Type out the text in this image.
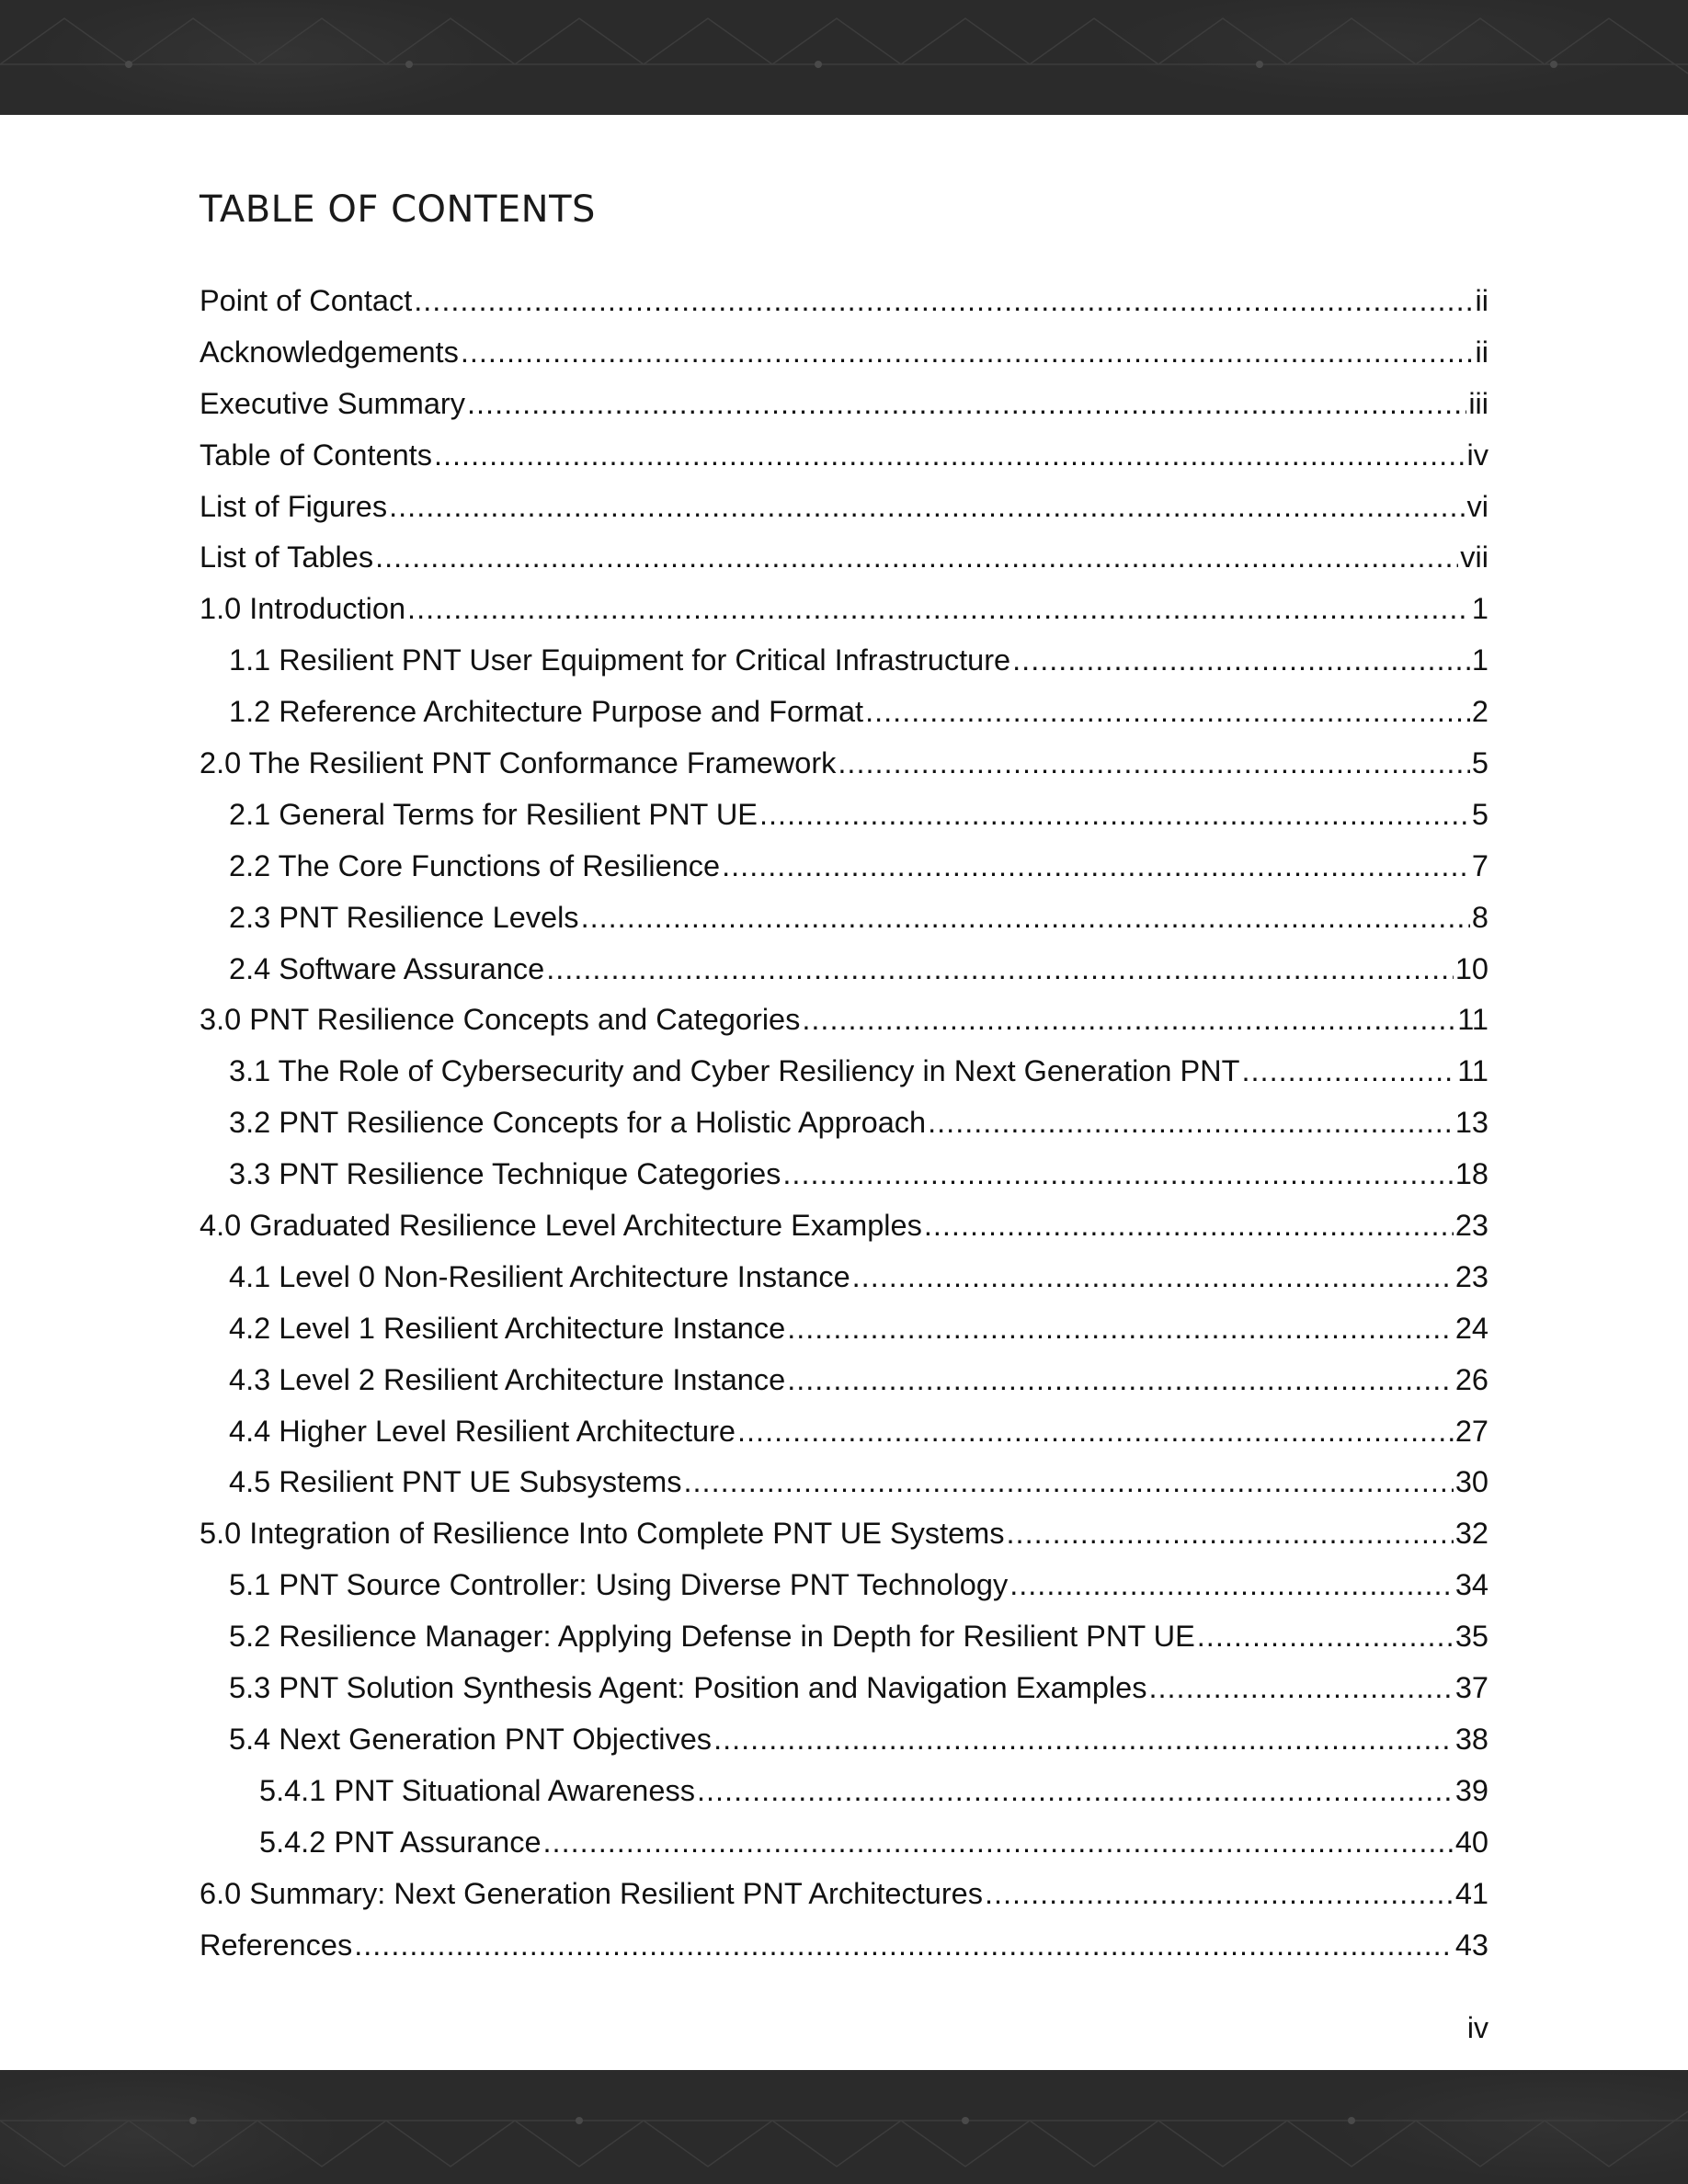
TABLE OF CONTENTS
Point of Contact .....	ii
Acknowledgements .....	ii
Executive Summary .....	iii
Table of Contents .....	iv
List of Figures .....	vi
List of Tables .....	vii
1.0 Introduction .....	1
1.1 Resilient PNT User Equipment for Critical Infrastructure .....	1
1.2 Reference Architecture Purpose and Format .....	2
2.0 The Resilient PNT Conformance Framework .....	5
2.1 General Terms for Resilient PNT UE .....	5
2.2 The Core Functions of Resilience .....	7
2.3 PNT Resilience Levels .....	8
2.4 Software Assurance .....	10
3.0 PNT Resilience Concepts and Categories .....	11
3.1 The Role of Cybersecurity and Cyber Resiliency in Next Generation PNT .....	11
3.2 PNT Resilience Concepts for a Holistic Approach .....	13
3.3 PNT Resilience Technique Categories .....	18
4.0 Graduated Resilience Level Architecture Examples .....	23
4.1 Level 0 Non-Resilient Architecture Instance .....	23
4.2 Level 1 Resilient Architecture Instance .....	24
4.3 Level 2 Resilient Architecture Instance .....	26
4.4 Higher Level Resilient Architecture .....	27
4.5 Resilient PNT UE Subsystems .....	30
5.0 Integration of Resilience Into Complete PNT UE Systems .....	32
5.1 PNT Source Controller: Using Diverse PNT Technology .....	34
5.2 Resilience Manager: Applying Defense in Depth for Resilient PNT UE .....	35
5.3 PNT Solution Synthesis Agent: Position and Navigation Examples .....	37
5.4 Next Generation PNT Objectives .....	38
5.4.1 PNT Situational Awareness .....	39
5.4.2 PNT Assurance .....	40
6.0 Summary: Next Generation Resilient PNT Architectures .....	41
References .....	43
iv
